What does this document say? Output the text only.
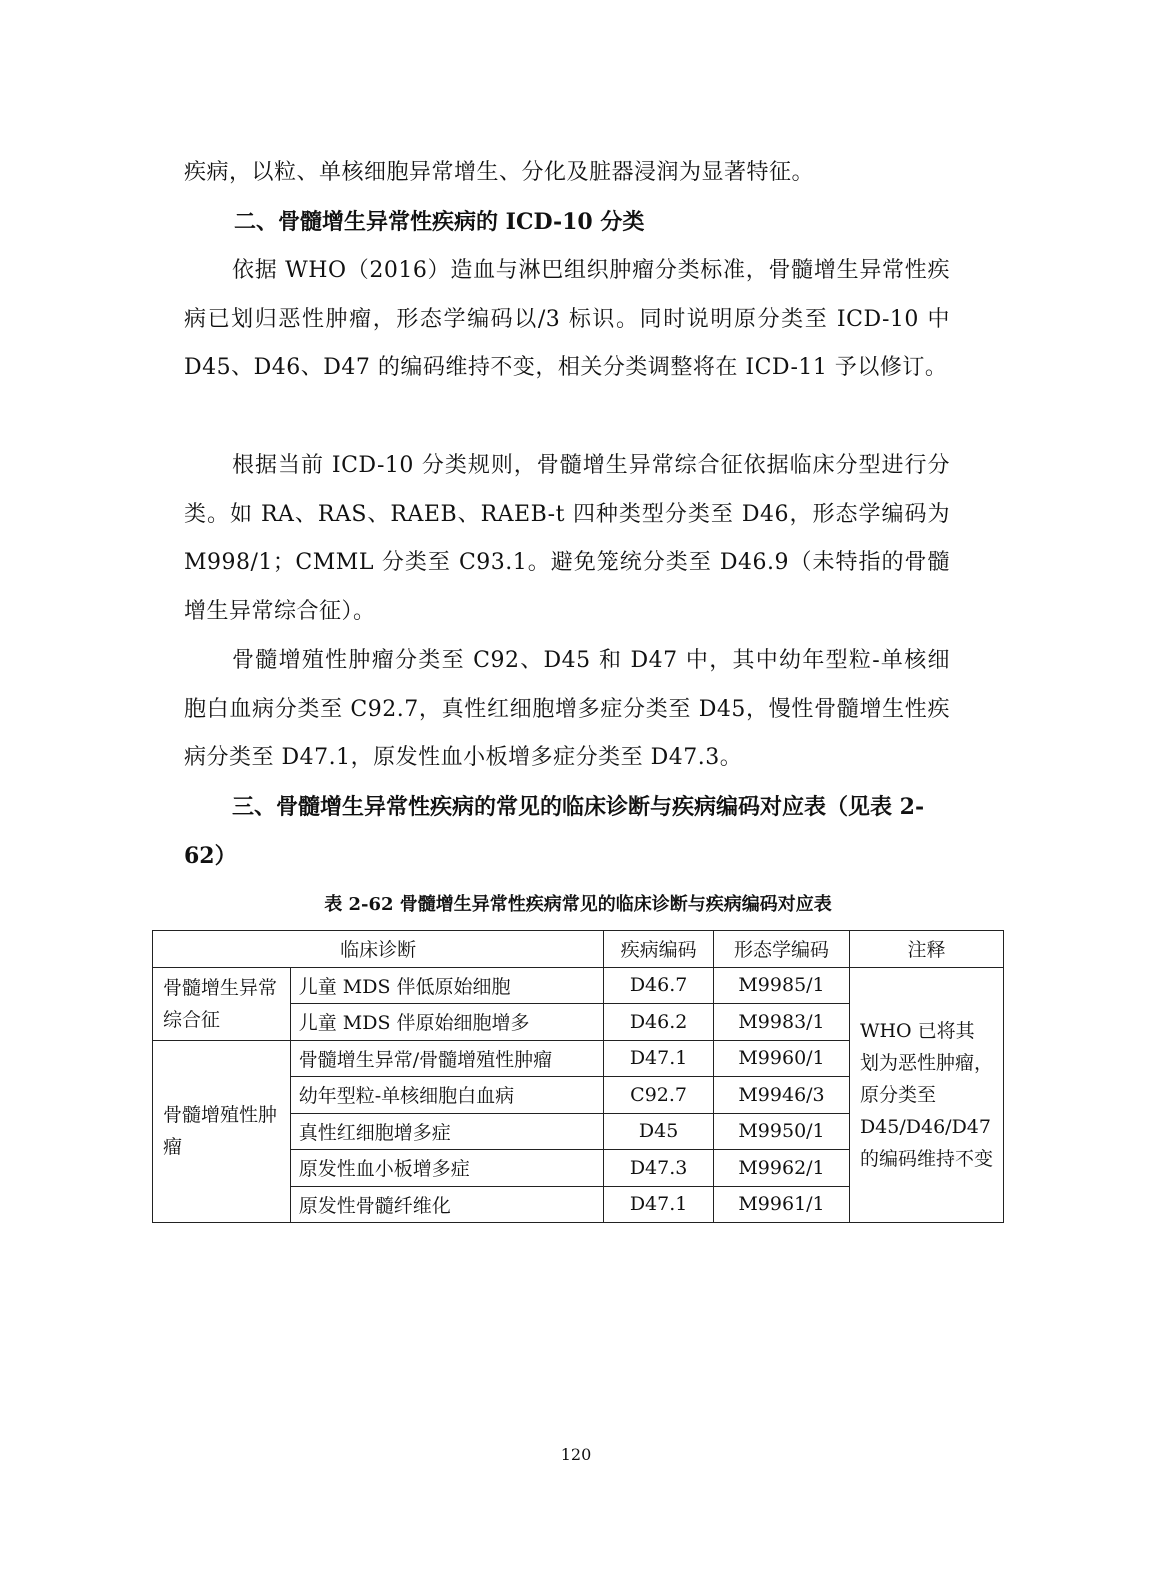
疾病，以粒、单核细胞异常增生、分化及脏器浸润为显著特征。

二、骨髓增生异常性疾病的 ICD-10 分类

依据 WHO（2016）造血与淋巴组织肿瘤分类标准，骨髓增生异常性疾病已划归恶性肿瘤，形态学编码以/3 标识。同时说明原分类至 ICD-10 中 D45、D46、D47 的编码维持不变，相关分类调整将在 ICD-11 予以修订。

根据当前 ICD-10 分类规则，骨髓增生异常综合征依据临床分型进行分类。如 RA、RAS、RAEB、RAEB-t 四种类型分类至 D46，形态学编码为 M998/1；CMML 分类至 C93.1。避免笼统分类至 D46.9（未特指的骨髓增生异常综合征）。

骨髓增殖性肿瘤分类至 C92、D45 和 D47 中，其中幼年型粒-单核细胞白血病分类至 C92.7，真性红细胞增多症分类至 D45，慢性骨髓增生性疾病分类至 D47.1，原发性血小板增多症分类至 D47.3。

三、骨髓增生异常性疾病的常见的临床诊断与疾病编码对应表（见表 2-62）

表 2-62 骨髓增生异常性疾病常见的临床诊断与疾病编码对应表
临床诊断		疾病编码	形态学编码	注释
骨髓增生异常综合征	儿童 MDS 伴低原始细胞	D46.7	M9985/1	WHO 已将其划为恶性肿瘤，原分类至 D45/D46/D47 的编码维持不变
	儿童 MDS 伴原始细胞增多	D46.2	M9983/1	
骨髓增殖性肿瘤	骨髓增生异常/骨髓增殖性肿瘤	D47.1	M9960/1	
	幼年型粒-单核细胞白血病	C92.7	M9946/3	
	真性红细胞增多症	D45	M9950/1	
	原发性血小板增多症	D47.3	M9962/1	
	原发性骨髓纤维化	D47.1	M9961/1	
120
